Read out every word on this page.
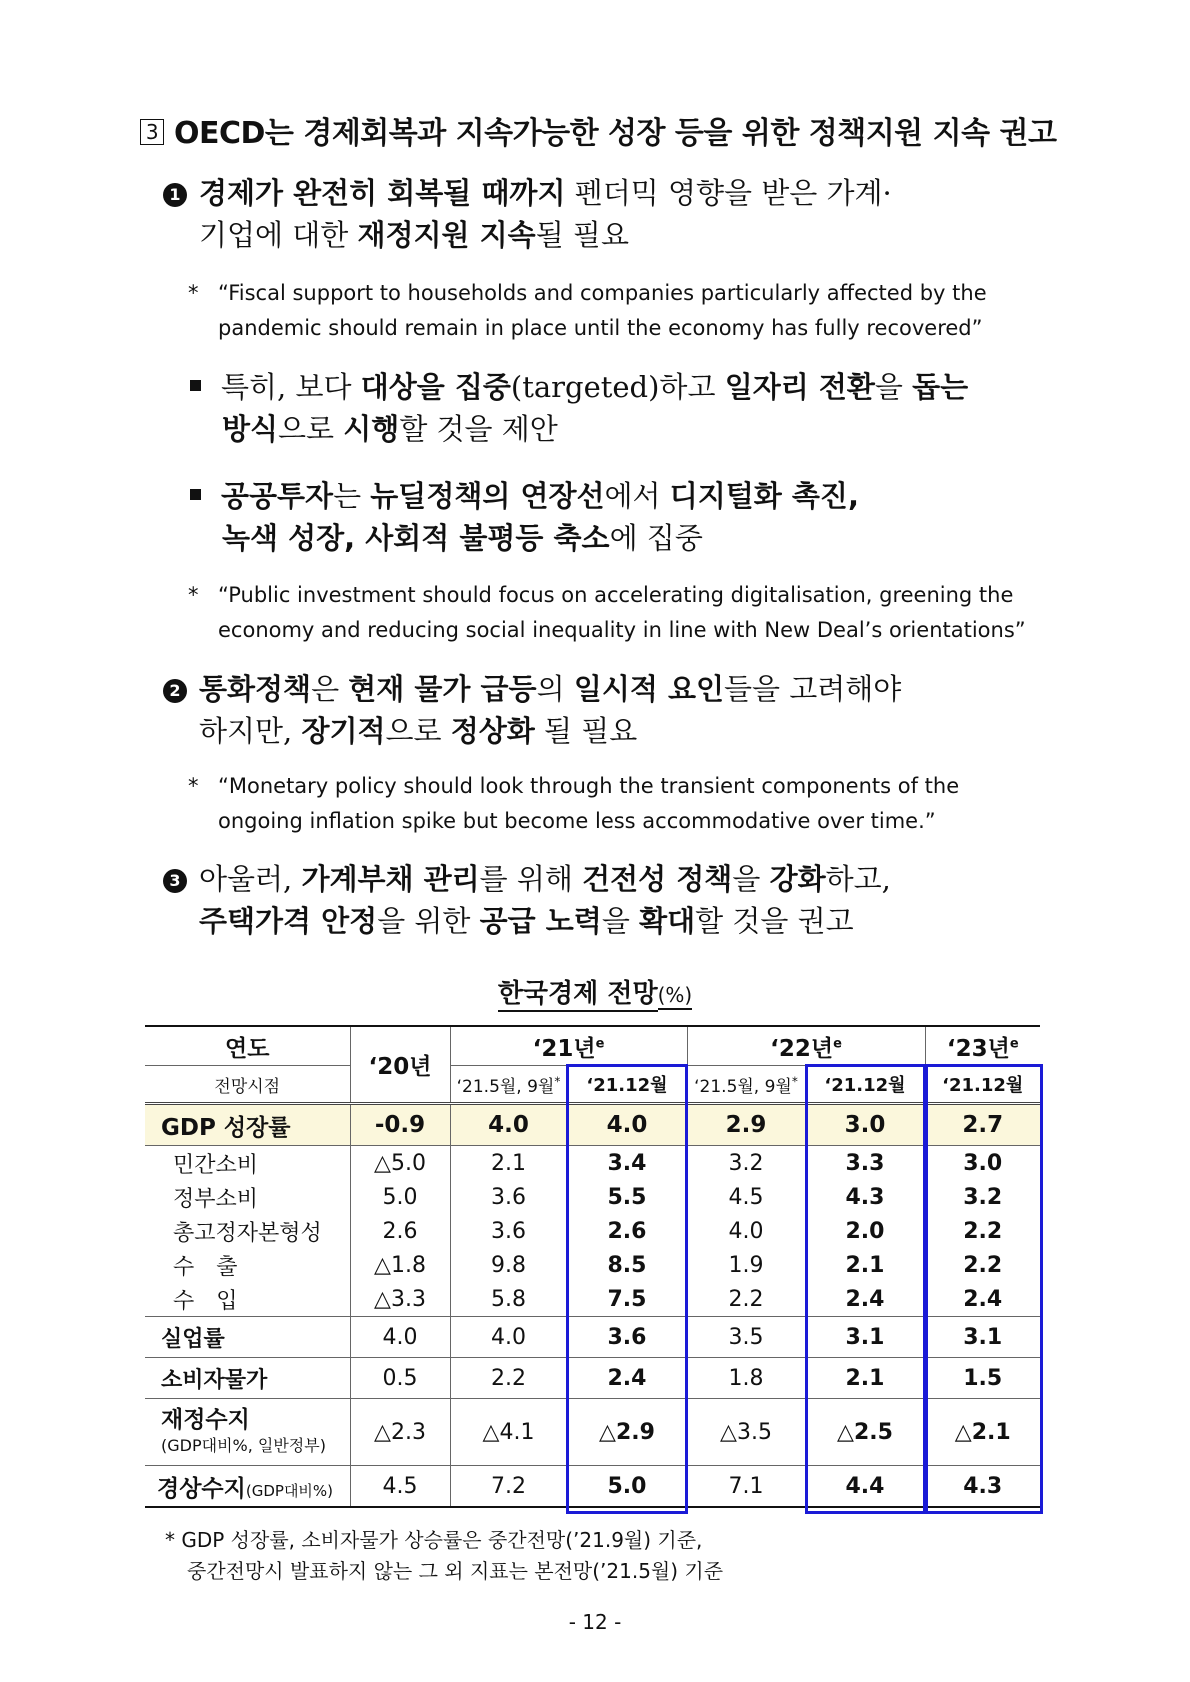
3 OECD는 경제회복과 지속가능한 성장 등을 위한 정책지원 지속 권고
1 경제가 완전히 회복될 때까지 펜더믹 영향을 받은 가계·
기업에 대한 재정지원 지속될 필요
* “Fiscal support to households and companies particularly affected by the
pandemic should remain in place until the economy has fully recovered”
특히, 보다 대상을 집중(targeted)하고 일자리 전환을 돕는
방식으로 시행할 것을 제안
공공투자는 뉴딜정책의 연장선에서 디지털화 촉진,
녹색 성장, 사회적 불평등 축소에 집중
* “Public investment should focus on accelerating digitalisation, greening the
economy and reducing social inequality in line with New Deal’s orientations”
2 통화정책은 현재 물가 급등의 일시적 요인들을 고려해야
하지만, 장기적으로 정상화 될 필요
* “Monetary policy should look through the transient components of the
ongoing inflation spike but become less accommodative over time.”
3 아울러, 가계부채 관리를 위해 건전성 정책을 강화하고,
주택가격 안정을 위한 공급 노력을 확대할 것을 권고
한국경제 전망(%)
연도	‘20년	‘21년$^e$		‘22년$^e$		‘23년$^e$
전망시점		‘21.5월, 9월*	‘21.12월	‘21.5월, 9월*	‘21.12월	‘21.12월
GDP 성장률	-0.9	4.0	4.0	2.9	3.0	2.7
민간소비	△5.0	2.1	3.4	3.2	3.3	3.0
정부소비	5.0	3.6	5.5	4.5	4.3	3.2
총고정자본형성	2.6	3.6	2.6	4.0	2.0	2.2
수　출	△1.8	9.8	8.5	1.9	2.1	2.2
수　입	△3.3	5.8	7.5	2.2	2.4	2.4
실업률	4.0	4.0	3.6	3.5	3.1	3.1
소비자물가	0.5	2.2	2.4	1.8	2.1	1.5

재정수지
(GDP대비%, 일반정부)	△2.3	△4.1	△2.9	△3.5	△2.5	△2.1
경상수지(GDP대비%)	4.5	7.2	5.0	7.1	4.4	4.3
* GDP 성장률, 소비자물가 상승률은 중간전망(’21.9월) 기준,
중간전망시 발표하지 않는 그 외 지표는 본전망(’21.5월) 기준
- 12 -
